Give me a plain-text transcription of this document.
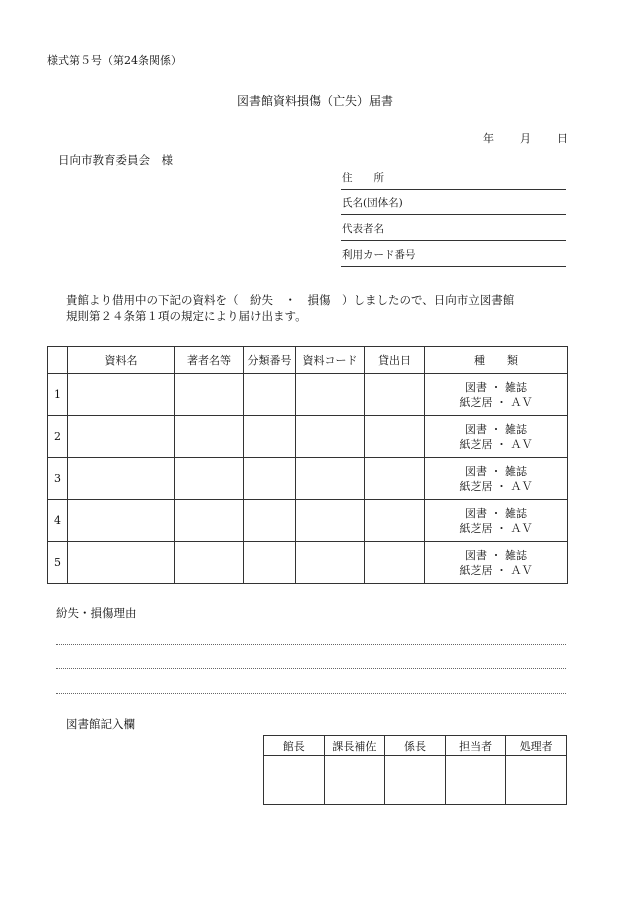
様式第５号（第24条関係）
図書館資料損傷（亡失）届書
年 月 日
日向市教育委員会　様
住　　所
氏名(団体名)
代表者名
利用カード番号
貴館より借用中の下記の資料を（　紛失　・　損傷　）しましたので、日向市立図書館
規則第２４条第１項の規定により届け出ます。
	資料名	著者名等	分類番号	資料コード	貸出日	種　　類
1						図書 ・ 雑誌
紙芝居 ・ ＡＶ

2						図書 ・ 雑誌
紙芝居 ・ ＡＶ

3						図書 ・ 雑誌
紙芝居 ・ ＡＶ

4						図書 ・ 雑誌
紙芝居 ・ ＡＶ

5						図書 ・ 雑誌
紙芝居 ・ ＡＶ
紛失・損傷理由
図書館記入欄
館長	課長補佐	係長	担当者	処理者
